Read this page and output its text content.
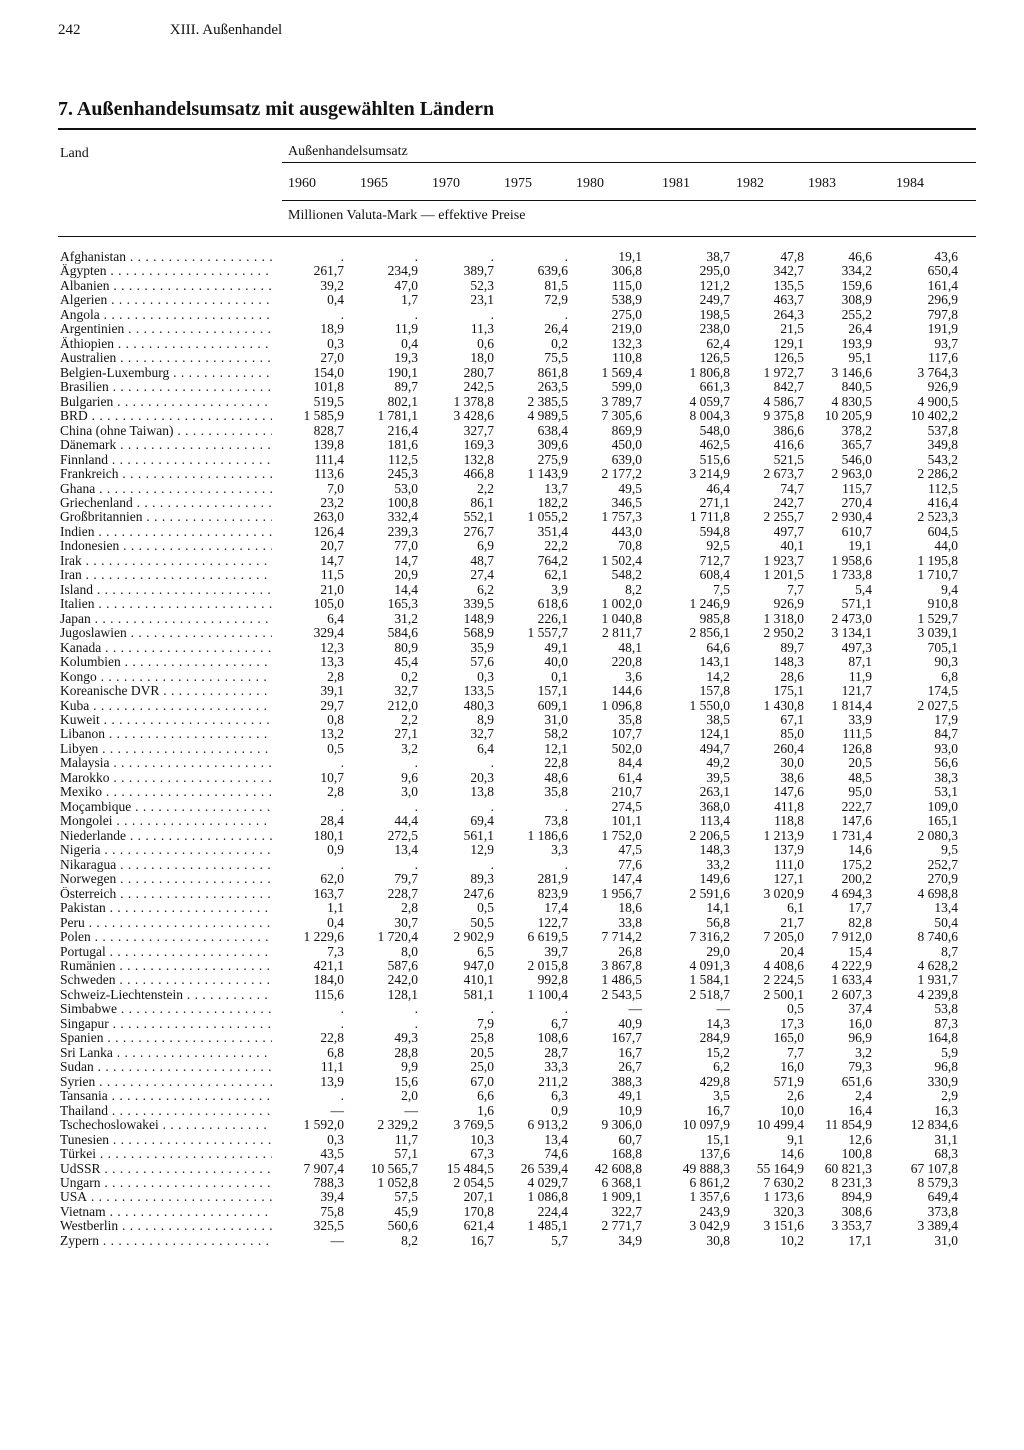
242	XIII. Außenhandel
7. Außenhandelsumsatz mit ausgewählten Ländern
Land	Außenhandelsumsatz
Millionen Valuta-Mark — effektive Preise
1960	1965	1970	1975	1980	1981	1982	1983	1984
Afghanistan . . .	.	.	.	.	19,1	38,7	47,8	46,6	43,6
Ägypten . . .	261,7	234,9	389,7	639,6	306,8	295,0	342,7	334,2	650,4
Albanien . . .	39,2	47,0	52,3	81,5	115,0	121,2	135,5	159,6	161,4
Algerien . . .	0,4	1,7	23,1	72,9	538,9	249,7	463,7	308,9	296,9
Angola . . .	.	.	.	.	275,0	198,5	264,3	255,2	797,8
Argentinien . . .	18,9	11,9	11,3	26,4	219,0	238,0	21,5	26,4	191,9
Äthiopien . . .	0,3	0,4	0,6	0,2	132,3	62,4	129,1	193,9	93,7
Australien . . .	27,0	19,3	18,0	75,5	110,8	126,5	126,5	95,1	117,6
Belgien-Luxemburg . . .	154,0	190,1	280,7	861,8	1 569,4	1 806,8	1 972,7	3 146,6	3 764,3
Brasilien . . .	101,8	89,7	242,5	263,5	599,0	661,3	842,7	840,5	926,9
Bulgarien . . .	519,5	802,1	1 378,8	2 385,5	3 789,7	4 059,7	4 586,7	4 830,5	4 900,5
BRD . . .	1 585,9	1 781,1	3 428,6	4 989,5	7 305,6	8 004,3	9 375,8	10 205,9	10 402,2
China (ohne Taiwan) . . .	828,7	216,4	327,7	638,4	869,9	548,0	386,6	378,2	537,8
Dänemark . . .	139,8	181,6	169,3	309,6	450,0	462,5	416,6	365,7	349,8
Finnland . . .	111,4	112,5	132,8	275,9	639,0	515,6	521,5	546,0	543,2
Frankreich . . .	113,6	245,3	466,8	1 143,9	2 177,2	3 214,9	2 673,7	2 963,0	2 286,2
Ghana . . .	7,0	53,0	2,2	13,7	49,5	46,4	74,7	115,7	112,5
Griechenland . . .	23,2	100,8	86,1	182,2	346,5	271,1	242,7	270,4	416,4
Großbritannien . . .	263,0	332,4	552,1	1 055,2	1 757,3	1 711,8	2 255,7	2 930,4	2 523,3
Indien . . .	126,4	239,3	276,7	351,4	443,0	594,8	497,7	610,7	604,5
Indonesien . . .	20,7	77,0	6,9	22,2	70,8	92,5	40,1	19,1	44,0
Irak . . .	14,7	14,7	48,7	764,2	1 502,4	712,7	1 923,7	1 958,6	1 195,8
Iran . . .	11,5	20,9	27,4	62,1	548,2	608,4	1 201,5	1 733,8	1 710,7
Island . . .	21,0	14,4	6,2	3,9	8,2	7,5	7,7	5,4	9,4
Italien . . .	105,0	165,3	339,5	618,6	1 002,0	1 246,9	926,9	571,1	910,8
Japan . . .	6,4	31,2	148,9	226,1	1 040,8	985,8	1 318,0	2 473,0	1 529,7
Jugoslawien . . .	329,4	584,6	568,9	1 557,7	2 811,7	2 856,1	2 950,2	3 134,1	3 039,1
Kanada . . .	12,3	80,9	35,9	49,1	48,1	64,6	89,7	497,3	705,1
Kolumbien . . .	13,3	45,4	57,6	40,0	220,8	143,1	148,3	87,1	90,3
Kongo . . .	2,8	0,2	0,3	0,1	3,6	14,2	28,6	11,9	6,8
Koreanische DVR . . .	39,1	32,7	133,5	157,1	144,6	157,8	175,1	121,7	174,5
Kuba . . .	29,7	212,0	480,3	609,1	1 096,8	1 550,0	1 430,8	1 814,4	2 027,5
Kuweit . . .	0,8	2,2	8,9	31,0	35,8	38,5	67,1	33,9	17,9
Libanon . . .	13,2	27,1	32,7	58,2	107,7	124,1	85,0	111,5	84,7
Libyen . . .	0,5	3,2	6,4	12,1	502,0	494,7	260,4	126,8	93,0
Malaysia . . .	.	.	.	22,8	84,4	49,2	30,0	20,5	56,6
Marokko . . .	10,7	9,6	20,3	48,6	61,4	39,5	38,6	48,5	38,3
Mexiko . . .	2,8	3,0	13,8	35,8	210,7	263,1	147,6	95,0	53,1
Moçambique . . .	.	.	.	.	274,5	368,0	411,8	222,7	109,0
Mongolei . . .	28,4	44,4	69,4	73,8	101,1	113,4	118,8	147,6	165,1
Niederlande . . .	180,1	272,5	561,1	1 186,6	1 752,0	2 206,5	1 213,9	1 731,4	2 080,3
Nigeria . . .	0,9	13,4	12,9	3,3	47,5	148,3	137,9	14,6	9,5
Nikaragua . . .	.	.	.	.	77,6	33,2	111,0	175,2	252,7
Norwegen . . .	62,0	79,7	89,3	281,9	147,4	149,6	127,1	200,2	270,9
Österreich . . .	163,7	228,7	247,6	823,9	1 956,7	2 591,6	3 020,9	4 694,3	4 698,8
Pakistan . . .	1,1	2,8	0,5	17,4	18,6	14,1	6,1	17,7	13,4
Peru . . .	0,4	30,7	50,5	122,7	33,8	56,8	21,7	82,8	50,4
Polen . . .	1 229,6	1 720,4	2 902,9	6 619,5	7 714,2	7 316,2	7 205,0	7 912,0	8 740,6
Portugal . . .	7,3	8,0	6,5	39,7	26,8	29,0	20,4	15,4	8,7
Rumänien . . .	421,1	587,6	947,0	2 015,8	3 867,8	4 091,3	4 408,6	4 222,9	4 628,2
Schweden . . .	184,0	242,0	410,1	992,8	1 486,5	1 584,1	2 224,5	1 633,4	1 931,7
Schweiz-Liechtenstein . . .	115,6	128,1	581,1	1 100,4	2 543,5	2 518,7	2 500,1	2 607,3	4 239,8
Simbabwe . . .	.	.	.	.	—	—	0,5	37,4	53,8
Singapur . . .	.	.	7,9	6,7	40,9	14,3	17,3	16,0	87,3
Spanien . . .	22,8	49,3	25,8	108,6	167,7	284,9	165,0	96,9	164,8
Sri Lanka . . .	6,8	28,8	20,5	28,7	16,7	15,2	7,7	3,2	5,9
Sudan . . .	11,1	9,9	25,0	33,3	26,7	6,2	16,0	79,3	96,8
Syrien . . .	13,9	15,6	67,0	211,2	388,3	429,8	571,9	651,6	330,9
Tansania . . .	.	2,0	6,6	6,3	49,1	3,5	2,6	2,4	2,9
Thailand . . .	—	—	1,6	0,9	10,9	16,7	10,0	16,4	16,3
Tschechoslowakei . . .	1 592,0	2 329,2	3 769,5	6 913,2	9 306,0	10 097,9	10 499,4	11 854,9	12 834,6
Tunesien . . .	0,3	11,7	10,3	13,4	60,7	15,1	9,1	12,6	31,1
Türkei . . .	43,5	57,1	67,3	74,6	168,8	137,6	14,6	100,8	68,3
UdSSR . . .	7 907,4	10 565,7	15 484,5	26 539,4	42 608,8	49 888,3	55 164,9	60 821,3	67 107,8
Ungarn . . .	788,3	1 052,8	2 054,5	4 029,7	6 368,1	6 861,2	7 630,2	8 231,3	8 579,3
USA . . .	39,4	57,5	207,1	1 086,8	1 909,1	1 357,6	1 173,6	894,9	649,4
Vietnam . . .	75,8	45,9	170,8	224,4	322,7	243,9	320,3	308,6	373,8
Westberlin . . .	325,5	560,6	621,4	1 485,1	2 771,7	3 042,9	3 151,6	3 353,7	3 389,4
Zypern . . .	—	8,2	16,7	5,7	34,9	30,8	10,2	17,1	31,0
